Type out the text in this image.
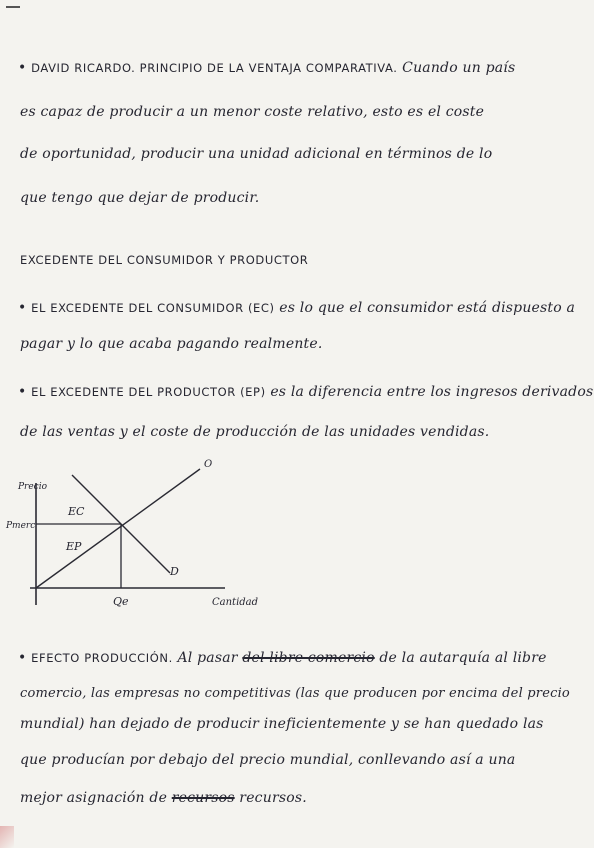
• DAVID RICARDO. PRINCIPIO DE LA VENTAJA COMPARATIVA. Cuando un país
es capaz de producir a un menor coste relativo, esto es el coste
de oportunidad, producir una unidad adicional en términos de lo
que tengo que dejar de producir.
EXCEDENTE DEL CONSUMIDOR Y PRODUCTOR
• EL EXCEDENTE DEL CONSUMIDOR (EC) es lo que el consumidor está dispuesto a
pagar y lo que acaba pagando realmente.
• EL EXCEDENTE DEL PRODUCTOR (EP) es la diferencia entre los ingresos derivados
de las ventas y el coste de producción de las unidades vendidas.
Precio
Pmerc
Qe	Cantidad
O
D
EC
EP
• EFECTO PRODUCCIÓN. Al pasar del libre comercio de la autarquía al libre
comercio, las empresas no competitivas (las que producen por encima del precio
mundial) han dejado de producir ineficientemente y se han quedado las
que producían por debajo del precio mundial, conllevando así a una
mejor asignación de recursos recursos.
